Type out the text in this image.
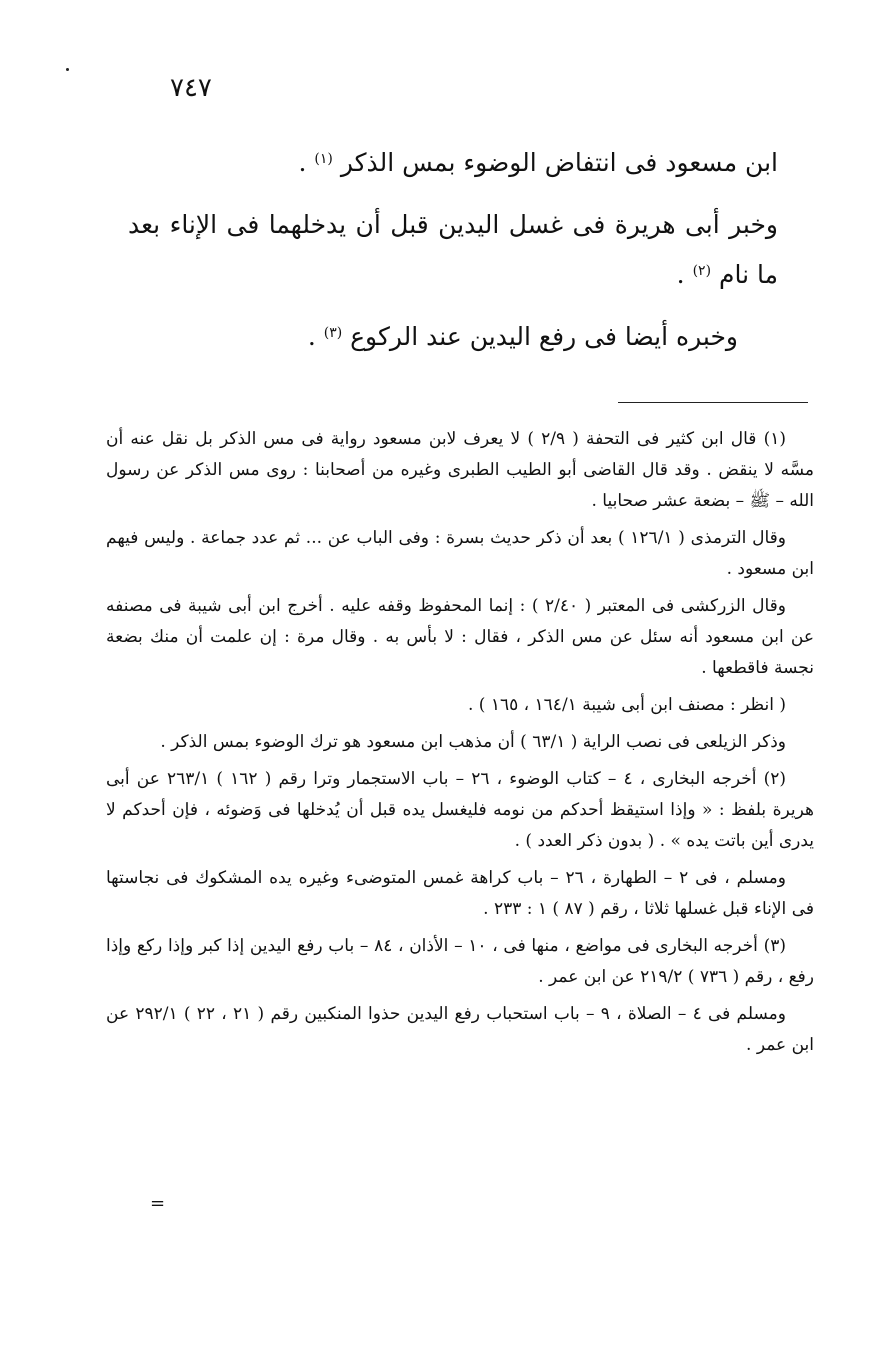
٧٤٧

ابن مسعود فى انتفاض الوضوء بمس الذكر $^{(١)}$ .

وخبر أبى هريرة فى غسل اليدين قبل أن يدخلهما فى الإناء بعد ما نام $^{(٢)}$ .

وخبره أيضا فى رفع اليدين عند الركوع $^{(٣)}$ .

(١) قال ابن كثير فى التحفة ( ٢/٩ ) لا يعرف لابن مسعود رواية فى مس الذكر بل نقل عنه أن مسَّه لا ينقض . وقد قال القاضى أبو الطيب الطبرى وغيره من أصحابنا : روى مس الذكر عن رسول الله – ﷺ – بضعة عشر صحابيا .

وقال الترمذى ( ١٢٦/١ ) بعد أن ذكر حديث بسرة : وفى الباب عن ... ثم عدد جماعة . وليس فيهم ابن مسعود .

وقال الزركشى فى المعتبر ( ٢/٤٠ ) : إنما المحفوظ وقفه عليه . أخرج ابن أبى شيبة فى مصنفه عن ابن مسعود أنه سئل عن مس الذكر ، فقال : لا بأس به . وقال مرة : إن علمت أن منك بضعة نجسة فاقطعها .

( انظر : مصنف ابن أبى شيبة ١٦٤/١ ، ١٦٥ ) .

وذكر الزيلعى فى نصب الراية ( ٦٣/١ ) أن مذهب ابن مسعود هو ترك الوضوء بمس الذكر .

(٢) أخرجه البخارى ، ٤ – كتاب الوضوء ، ٢٦ – باب الاستجمار وترا رقم ( ١٦٢ ) ٢٦٣/١ عن أبى هريرة بلفظ : « وإذا استيقظ أحدكم من نومه فليغسل يده قبل أن يُدخلها فى وَضوئه ، فإن أحدكم لا يدرى أين باتت يده » . ( بدون ذكر العدد ) .

ومسلم ، فى ٢ – الطهارة ، ٢٦ – باب كراهة غمس المتوضىء وغيره يده المشكوك فى نجاستها فى الإناء قبل غسلها ثلاثا ، رقم ( ٨٧ ) ١ : ٢٣٣ .

(٣) أخرجه البخارى فى مواضع ، منها فى ، ١٠ – الأذان ، ٨٤ – باب رفع اليدين إذا كبر وإذا ركع وإذا رفع ، رقم ( ٧٣٦ ) ٢١٩/٢ عن ابن عمر .

ومسلم فى ٤ – الصلاة ، ٩ – باب استحباب رفع اليدين حذوا المنكبين رقم ( ٢١ ، ٢٢ ) ٢٩٢/١ عن ابن عمر .

=
